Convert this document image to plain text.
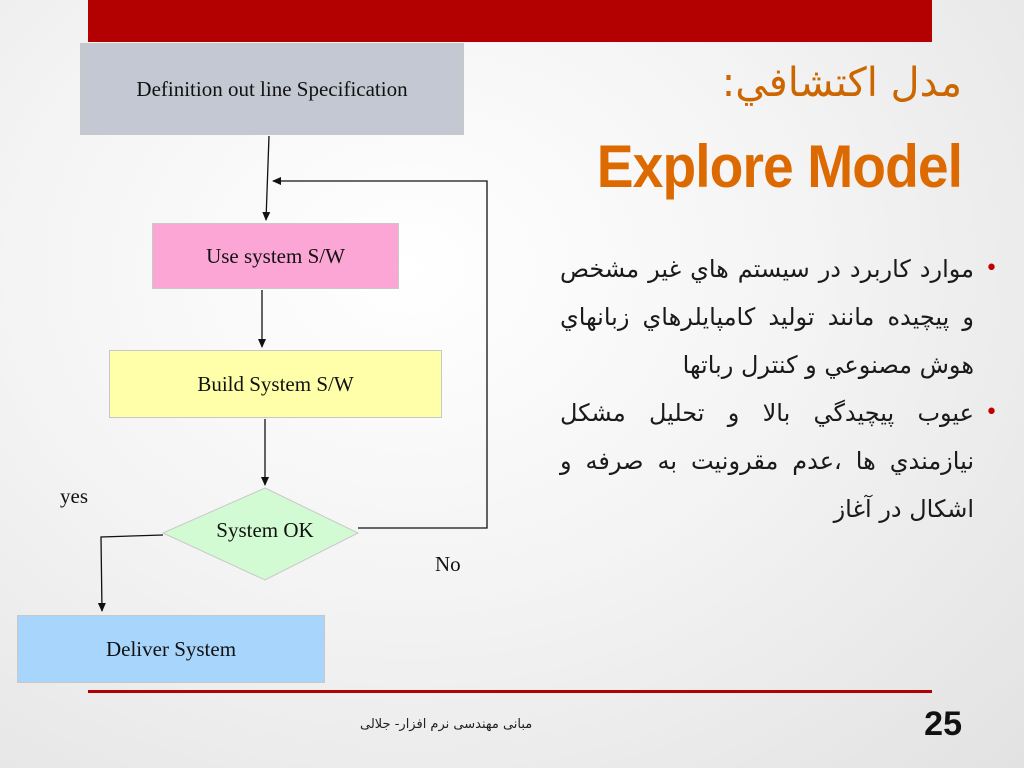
Definition out line Specification
Use system S/W
Build System S/W
System OK
Deliver System
yes
No
مدل اكتشافي:
Explore Model
•
موارد كاربرد در سيستم هاي غير مشخص و پيچيده مانند توليد كامپايلرهاي زبانهاي هوش مصنوعي و كنترل رباتها
•
عيوب پيچيدگي بالا و تحليل مشكل نيازمندي ها ،عدم مقرونيت به صرفه و اشكال در آغاز
مبانی مهندسی نرم افزار- جلالی	25
